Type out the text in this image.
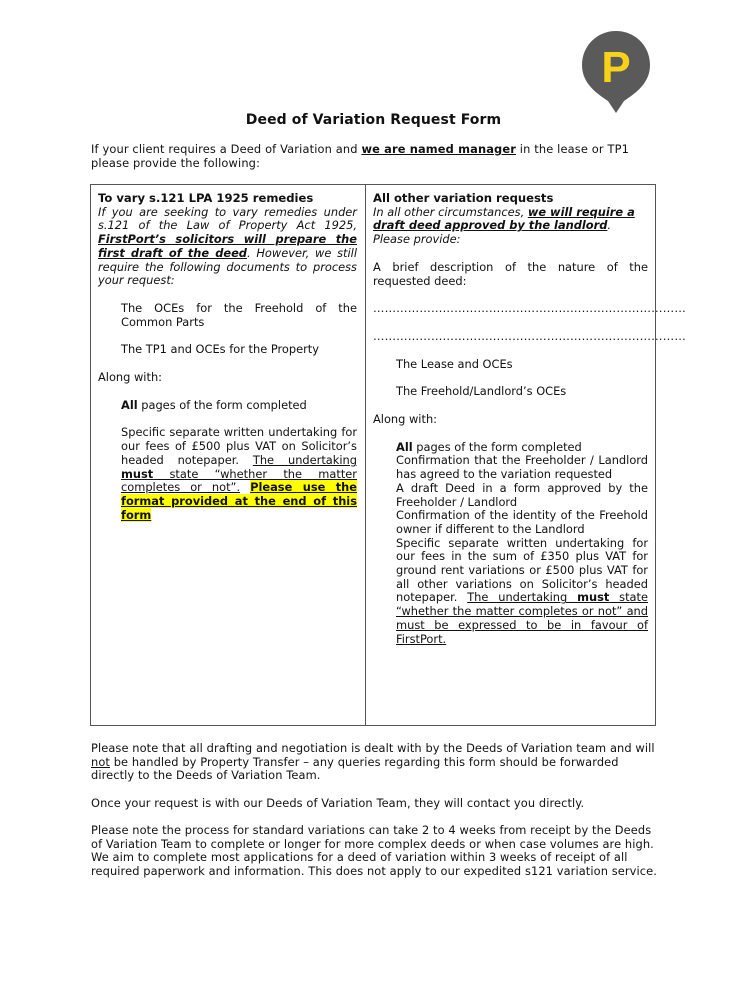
P
Deed of Variation Request Form
If your client requires a Deed of Variation and we are named manager in the lease or TP1 please provide the following:
To vary s.121 LPA 1925 remedies
If you are seeking to vary remedies under s.121 of the Law of Property Act 1925, FirstPort’s solicitors will prepare the first draft of the deed. However, we still require the following documents to process your request:
The OCEs for the Freehold of the Common Parts
The TP1 and OCEs for the Property
Along with:
All pages of the form completed
Specific separate written undertaking for our fees of £500 plus VAT on Solicitor’s headed notepaper. The undertaking must state “whether the matter completes or not”. Please use the format provided at the end of this form
All other variation requests
In all other circumstances, we will require a draft deed approved by the landlord. Please provide:
A brief description of the nature of the requested deed:
………………………………………………………………………
………………………………………………………………………
The Lease and OCEs
The Freehold/Landlord’s OCEs
Along with:
All pages of the form completed
Confirmation that the Freeholder / Landlord has agreed to the variation requested
A draft Deed in a form approved by the Freeholder / Landlord
Confirmation of the identity of the Freehold owner if different to the Landlord
Specific separate written undertaking for our fees in the sum of £350 plus VAT for ground rent variations or £500 plus VAT for all other variations on Solicitor’s headed notepaper. The undertaking must state “whether the matter completes or not” and must be expressed to be in favour of FirstPort.
Please note that all drafting and negotiation is dealt with by the Deeds of Variation team and will not be handled by Property Transfer – any queries regarding this form should be forwarded directly to the Deeds of Variation Team.
Once your request is with our Deeds of Variation Team, they will contact you directly.
Please note the process for standard variations can take 2 to 4 weeks from receipt by the Deeds of Variation Team to complete or longer for more complex deeds or when case volumes are high. We aim to complete most applications for a deed of variation within 3 weeks of receipt of all required paperwork and information. This does not apply to our expedited s121 variation service.
